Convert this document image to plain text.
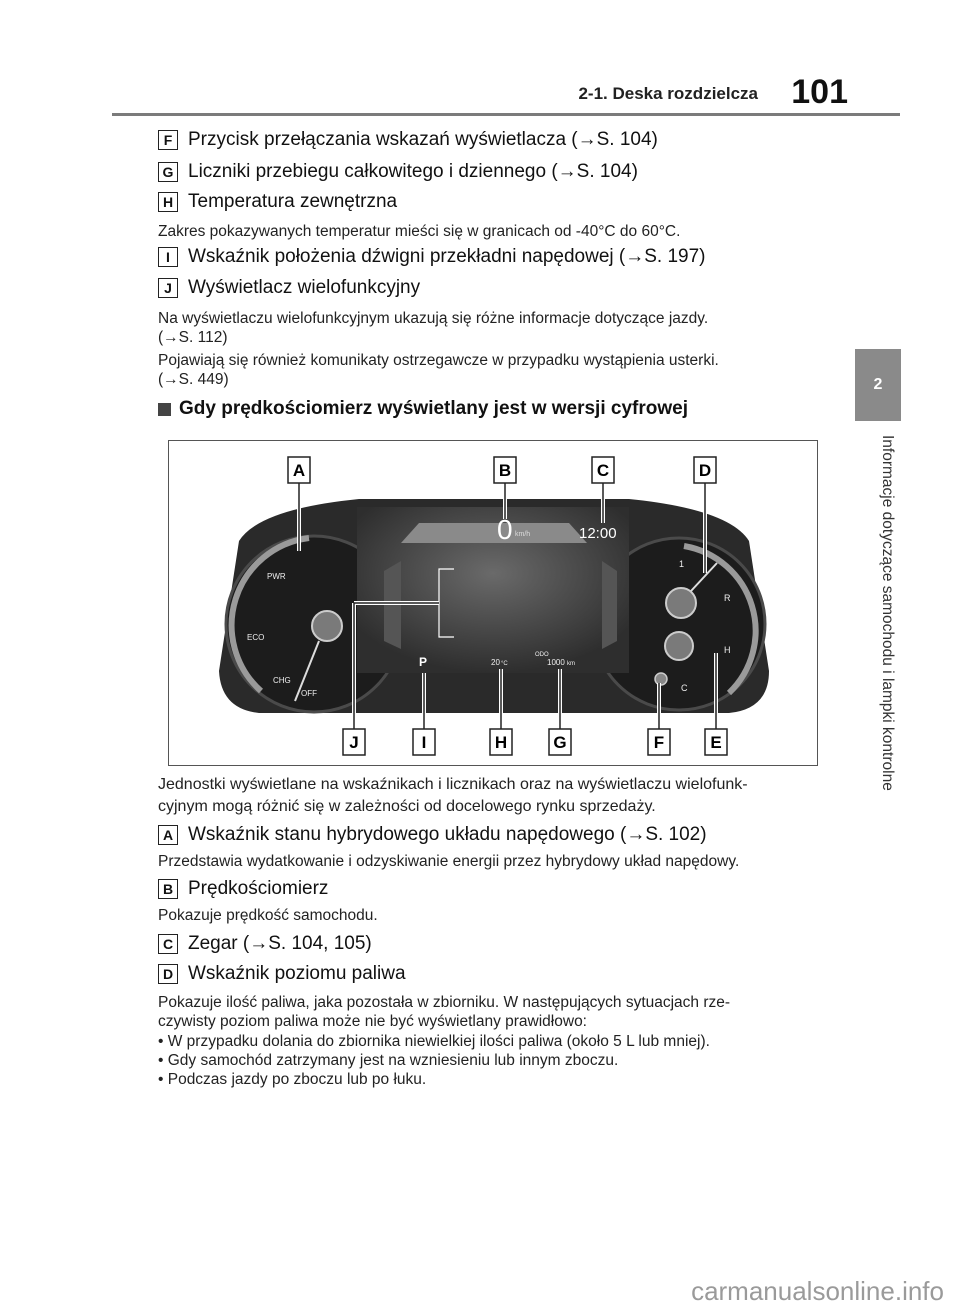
2-1. Deska rozdzielcza 101
2
Informacje dotyczące samochodu i lampki kontrolne
F Przycisk przełączania wskazań wyświetlacza (→S. 104)
G Liczniki przebiegu całkowitego i dziennego (→S. 104)
H Temperatura zewnętrzna
Zakres pokazywanych temperatur mieści się w granicach od -40°C do 60°C.
I Wskaźnik położenia dźwigni przekładni napędowej (→S. 197)
J Wyświetlacz wielofunkcyjny
Na wyświetlaczu wielofunkcyjnym ukazują się różne informacje dotyczące jazdy.
(→S. 112)
Pojawiają się również komunikaty ostrzegawcze w przypadku wystąpienia usterki.
(→S. 449)
Gdy prędkościomierz wyświetlany jest w wersji cyfrowej
PWR
ECO
CHG
OFF
1
R
H
C
0 km/h	12:00
P	20 °C
ODO
1000 km
A	B	C	D
J	I	H	G	F	E
Jednostki wyświetlane na wskaźnikach i licznikach oraz na wyświetlaczu wielofunk-
cyjnym mogą różnić się w zależności od docelowego rynku sprzedaży.
A Wskaźnik stanu hybrydowego układu napędowego (→S. 102)
Przedstawia wydatkowanie i odzyskiwanie energii przez hybrydowy układ napędowy.
B Prędkościomierz
Pokazuje prędkość samochodu.
C Zegar (→S. 104, 105)
D Wskaźnik poziomu paliwa
Pokazuje ilość paliwa, jaka pozostała w zbiorniku. W następujących sytuacjach rze-
czywisty poziom paliwa może nie być wyświetlany prawidłowo:
• W przypadku dolania do zbiornika niewielkiej ilości paliwa (około 5 L lub mniej).
• Gdy samochód zatrzymany jest na wzniesieniu lub innym zboczu.
• Podczas jazdy po zboczu lub po łuku.
carmanualsonline.info
